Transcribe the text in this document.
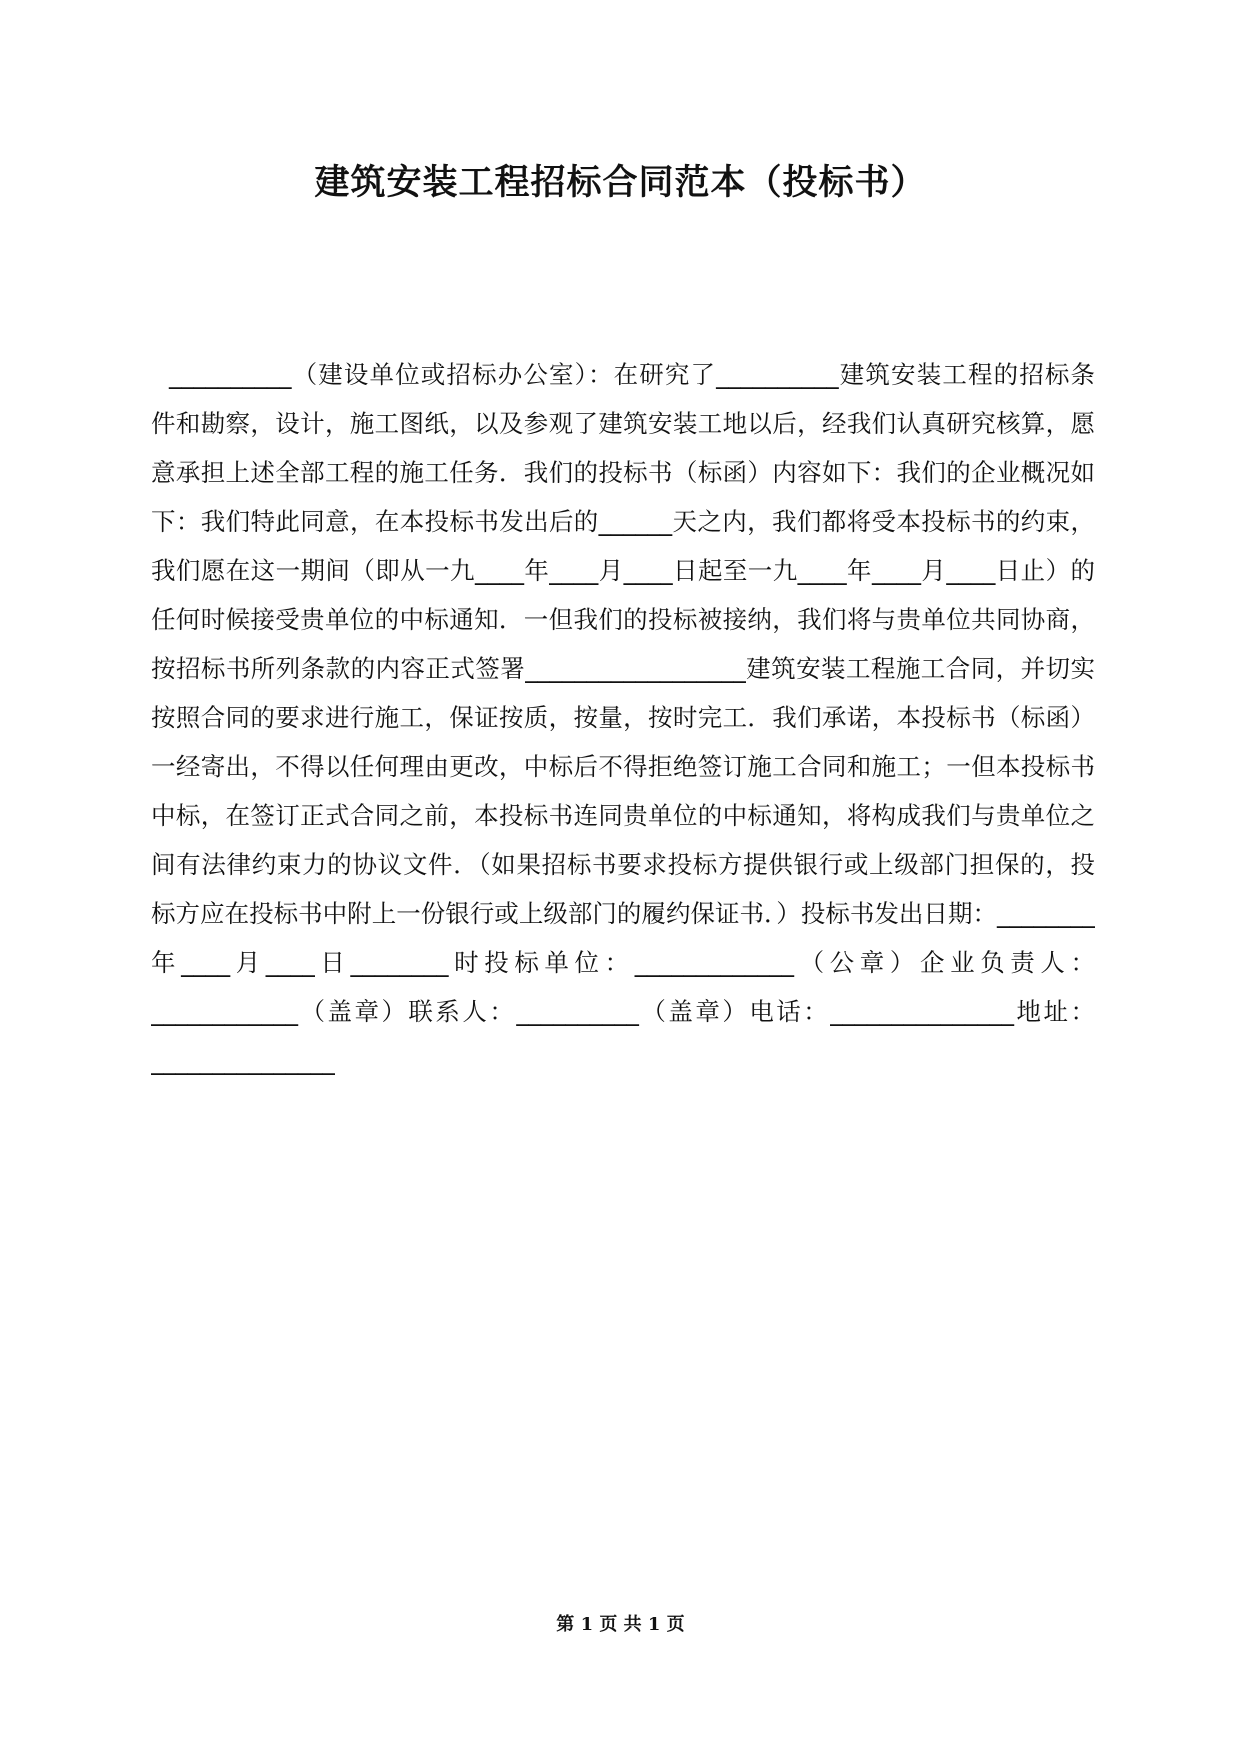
建筑安装工程招标合同范本（投标书）
__________（建设单位或招标办公室）：在研究了__________建筑安装工程的招标条
件和勘察，设计，施工图纸，以及参观了建筑安装工地以后，经我们认真研究核算，愿
意承担上述全部工程的施工任务．我们的投标书（标函）内容如下：我们的企业概况如
下：我们特此同意，在本投标书发出后的______天之内，我们都将受本投标书的约束，
我们愿在这一期间（即从一九____年____月____日起至一九____年____月____日止）的
任何时候接受贵单位的中标通知．一但我们的投标被接纳，我们将与贵单位共同协商，
按招标书所列条款的内容正式签署__________________建筑安装工程施工合同，并切实
按照合同的要求进行施工，保证按质，按量，按时完工．我们承诺，本投标书（标函）
一经寄出，不得以任何理由更改，中标后不得拒绝签订施工合同和施工；一但本投标书
中标，在签订正式合同之前，本投标书连同贵单位的中标通知，将构成我们与贵单位之
间有法律约束力的协议文件．（如果招标书要求投标方提供银行或上级部门担保的，投
标方应在投标书中附上一份银行或上级部门的履约保证书．）投标书发出日期：________
年____月____日________时投标单位：_____________（公章）企业负责人：
____________（盖章）联系人：__________（盖章）电话：_______________地址：
_______________
第 1 页 共 1 页
